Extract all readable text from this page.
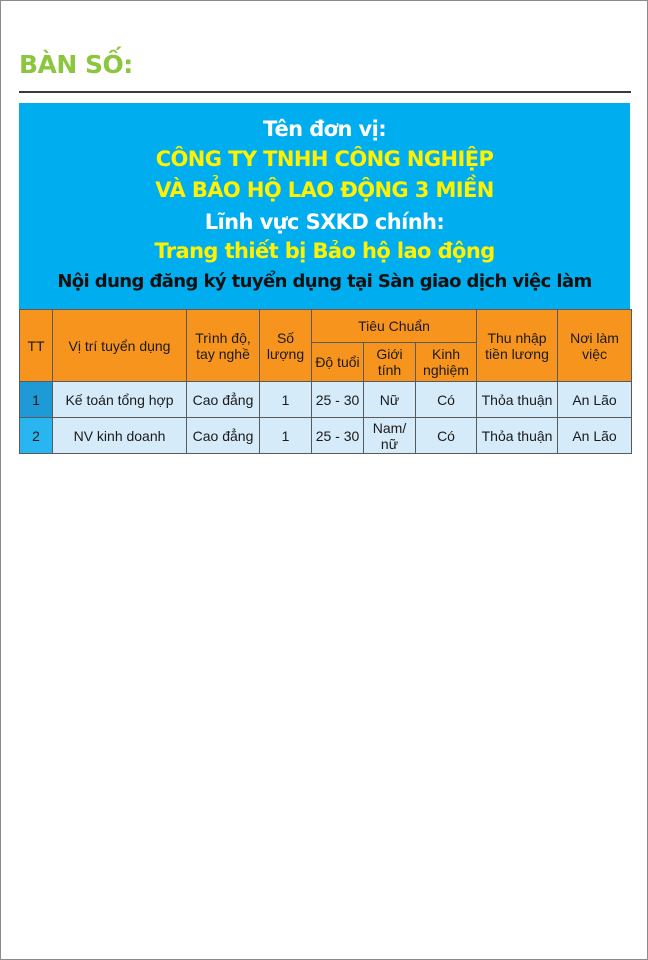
BÀN SỐ:
Tên đơn vị:
CÔNG TY TNHH CÔNG NGHIỆP
VÀ BẢO HỘ LAO ĐỘNG 3 MIỀN
Lĩnh vực SXKD chính:
Trang thiết bị Bảo hộ lao động
Nội dung đăng ký tuyển dụng tại Sàn giao dịch việc làm
TT	Vị trí tuyển dụng	Trình độ, tay nghề	Số lượng	Tiêu Chuẩn			Thu nhập tiền lương	Nơi làm việc
				Độ tuổi	Giới tính	Kinh nghiệm		
1	Kế toán tổng hợp	Cao đẳng	1	25 - 30	Nữ	Có	Thỏa thuận	An Lão
2	NV kinh doanh	Cao đẳng	1	25 - 30	Nam/ nữ	Có	Thỏa thuận	An Lão
